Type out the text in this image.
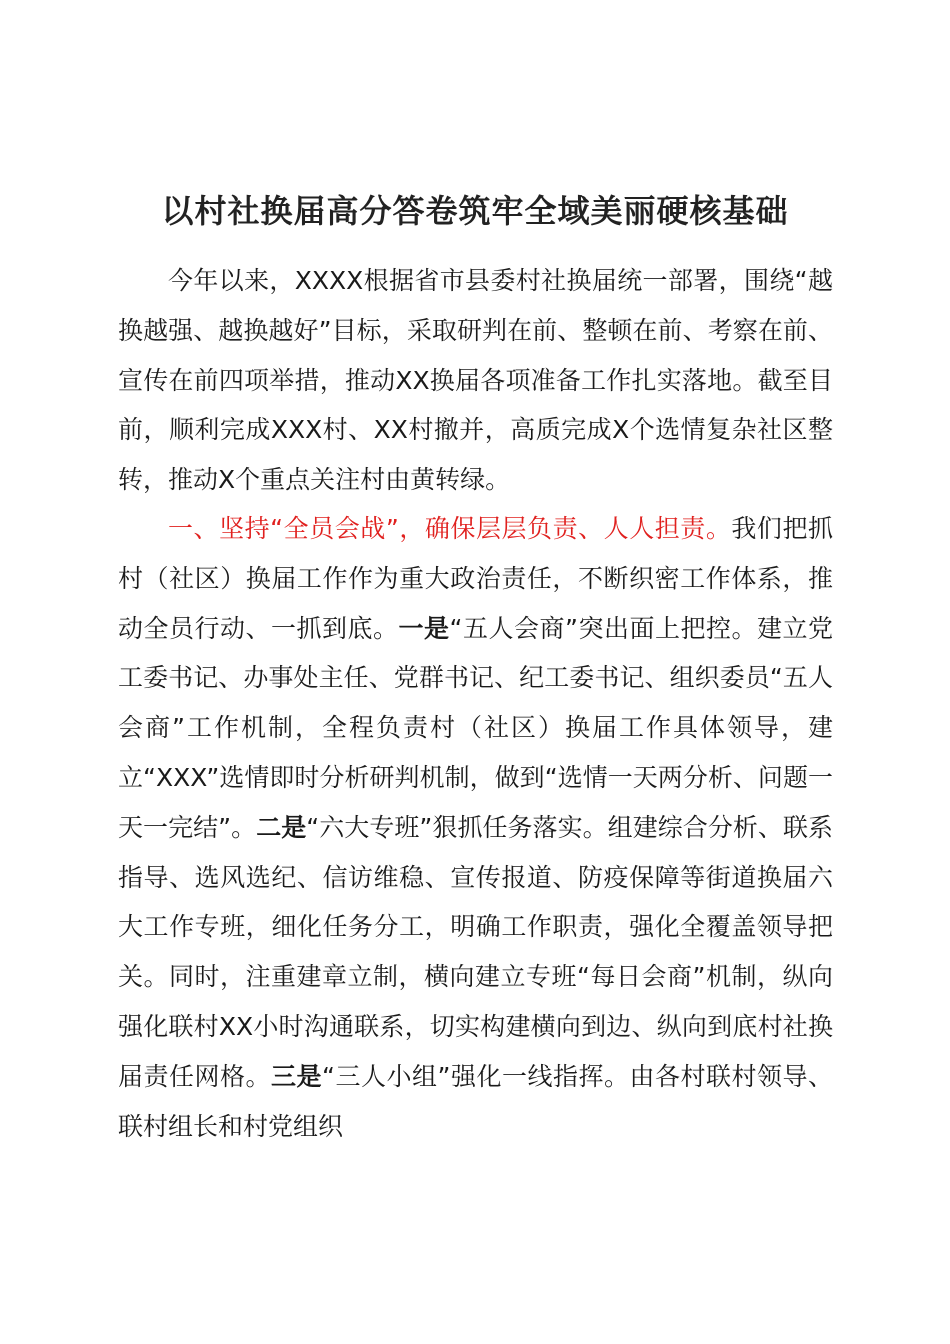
以村社换届高分答卷筑牢全域美丽硬核基础

今年以来，XXXX根据省市县委村社换届统一部署，围绕“越换越强、越换越好”目标，采取研判在前、整顿在前、考察在前、宣传在前四项举措，推动XX换届各项准备工作扎实落地。截至目前，顺利完成XXX村、XX村撤并，高质完成X个选情复杂社区整转，推动X个重点关注村由黄转绿。

一、坚持“全员会战”，确保层层负责、人人担责。我们把抓村（社区）换届工作作为重大政治责任，不断织密工作体系，推动全员行动、一抓到底。一是“五人会商”突出面上把控。建立党工委书记、办事处主任、党群书记、纪工委书记、组织委员“五人会商”工作机制，全程负责村（社区）换届工作具体领导，建立“XXX”选情即时分析研判机制，做到“选情一天两分析、问题一天一完结”。二是“六大专班”狠抓任务落实。组建综合分析、联系指导、选风选纪、信访维稳、宣传报道、防疫保障等街道换届六大工作专班，细化任务分工，明确工作职责，强化全覆盖领导把关。同时，注重建章立制，横向建立专班“每日会商”机制，纵向强化联村XX小时沟通联系，切实构建横向到边、纵向到底村社换届责任网格。三是“三人小组”强化一线指挥。由各村联村领导、联村组长和村党组织
